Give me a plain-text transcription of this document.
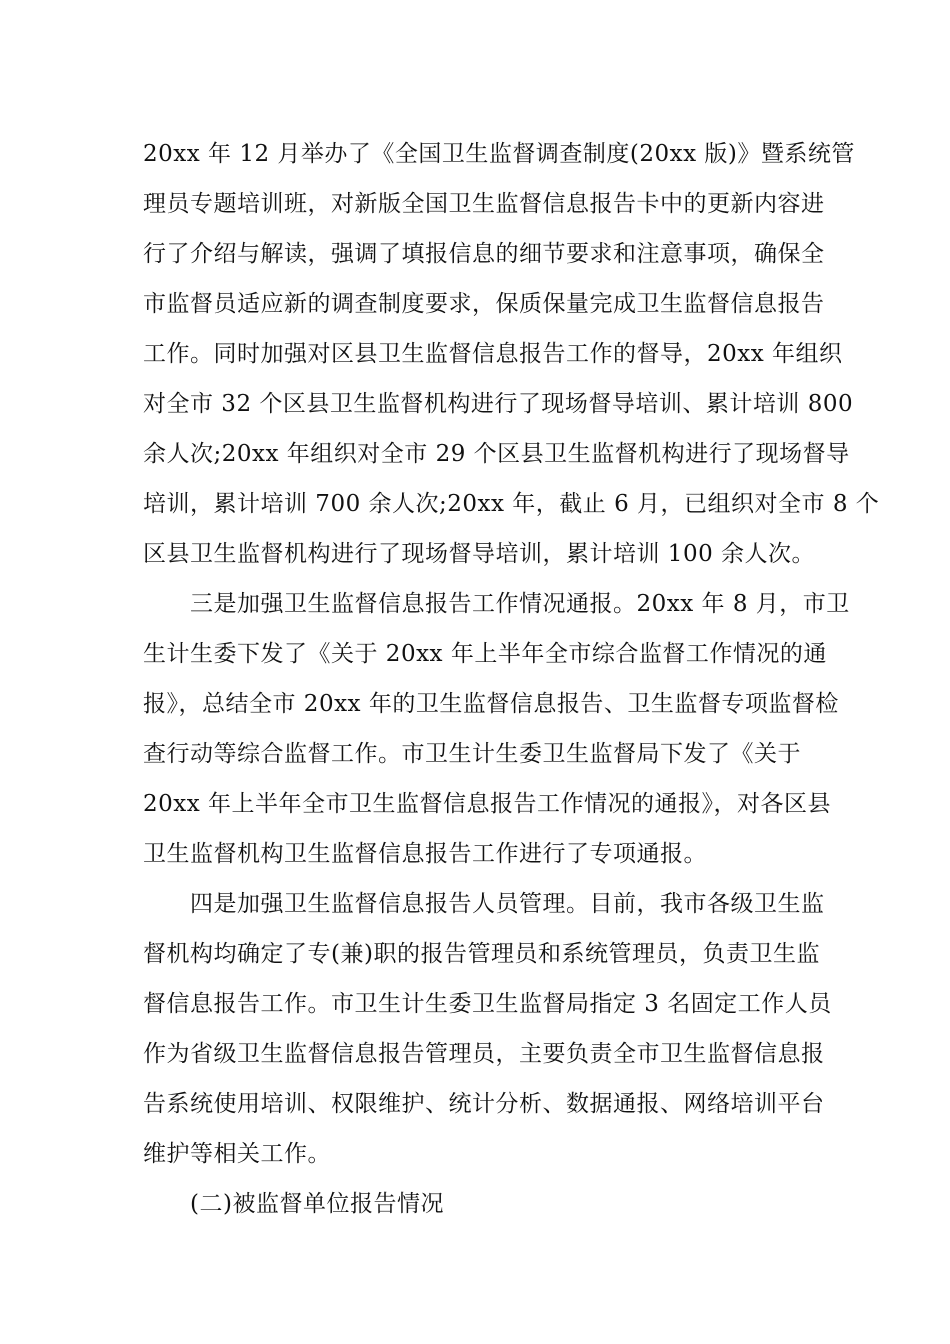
20xx 年 12 月举办了《全国卫生监督调查制度(20xx 版)》暨系统管
理员专题培训班，对新版全国卫生监督信息报告卡中的更新内容进
行了介绍与解读，强调了填报信息的细节要求和注意事项，确保全
市监督员适应新的调查制度要求，保质保量完成卫生监督信息报告
工作。同时加强对区县卫生监督信息报告工作的督导，20xx 年组织
对全市 32 个区县卫生监督机构进行了现场督导培训、累计培训 800
余人次;20xx 年组织对全市 29 个区县卫生监督机构进行了现场督导
培训，累计培训 700 余人次;20xx 年，截止 6 月，已组织对全市 8 个
区县卫生监督机构进行了现场督导培训，累计培训 100 余人次。
三是加强卫生监督信息报告工作情况通报。20xx 年 8 月，市卫
生计生委下发了《关于 20xx 年上半年全市综合监督工作情况的通
报》，总结全市 20xx 年的卫生监督信息报告、卫生监督专项监督检
查行动等综合监督工作。市卫生计生委卫生监督局下发了《关于
20xx 年上半年全市卫生监督信息报告工作情况的通报》，对各区县
卫生监督机构卫生监督信息报告工作进行了专项通报。
四是加强卫生监督信息报告人员管理。目前，我市各级卫生监
督机构均确定了专(兼)职的报告管理员和系统管理员，负责卫生监
督信息报告工作。市卫生计生委卫生监督局指定 3 名固定工作人员
作为省级卫生监督信息报告管理员，主要负责全市卫生监督信息报
告系统使用培训、权限维护、统计分析、数据通报、网络培训平台
维护等相关工作。
(二)被监督单位报告情况
